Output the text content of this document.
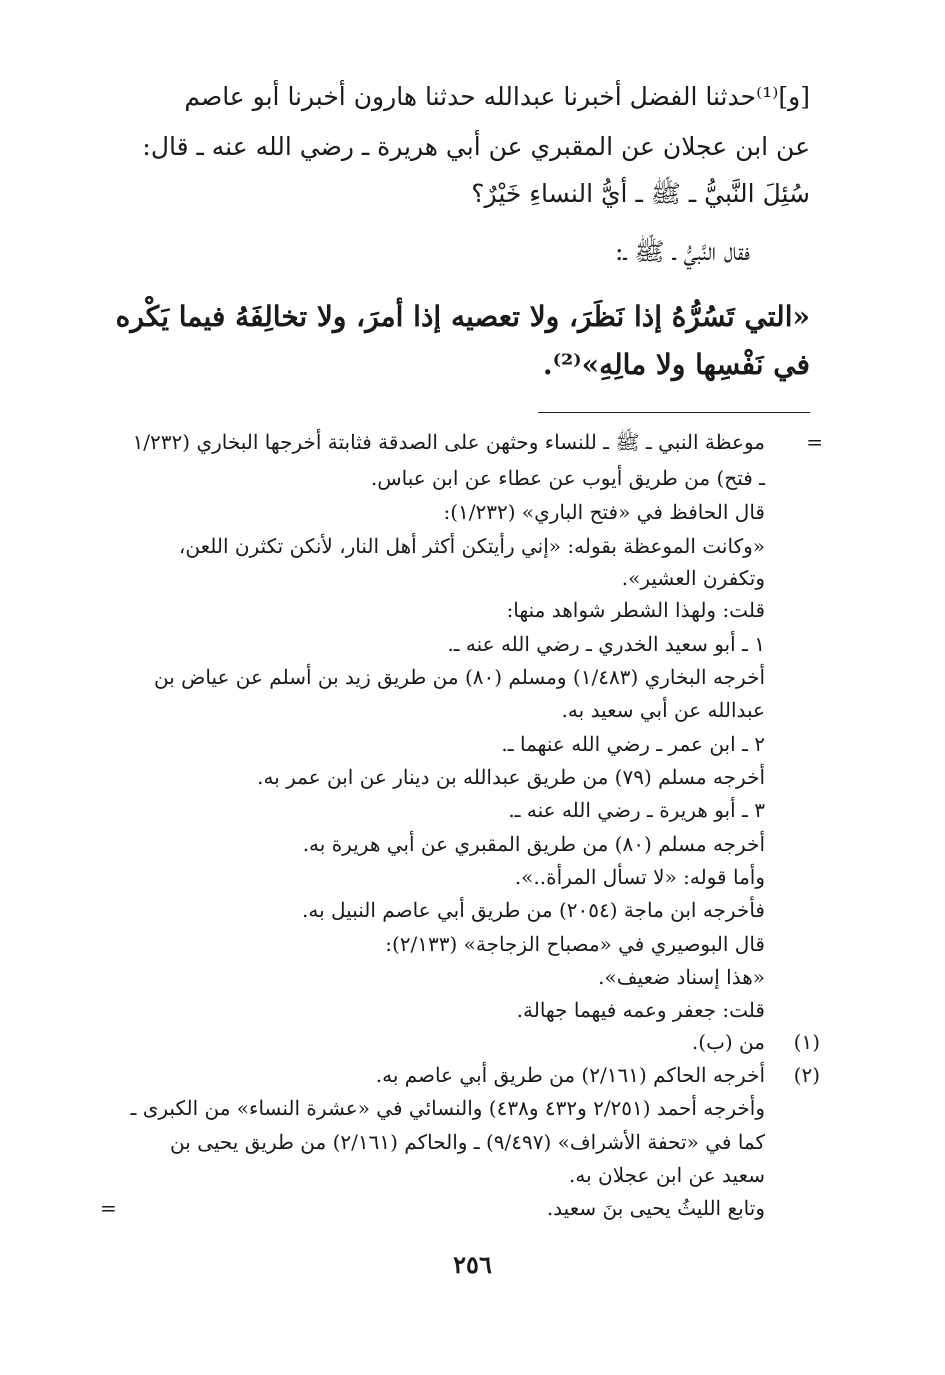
[و]⁽¹⁾حدثنا الفضل أخبرنا عبدالله حدثنا هارون أخبرنا أبو عاصم
عن ابن عجلان عن المقبري عن أبي هريرة ـ رضي الله عنه ـ قال:
سُئِلَ النَّبيُّ ـ ﷺ ـ أيُّ النساءِ خَيْرٌ؟
فقال النَّبيُّ ـ ﷺ ـ:
«التي تَسُرُّهُ إذا نَظَرَ، ولا تعصيه إذا أمرَ، ولا تخالِفَهُ فيما يَكْره
في نَفْسِها ولا مالِهِ»⁽²⁾.
=
موعظة النبي ـ ﷺ ـ للنساء وحثهن على الصدقة فثابتة أخرجها البخاري (١/٢٣٢
ـ فتح) من طريق أيوب عن عطاء عن ابن عباس.
قال الحافظ في «فتح الباري» (١/٢٣٢):
«وكانت الموعظة بقوله: «إني رأيتكن أكثر أهل النار، لأنكن تكثرن اللعن،
وتكفرن العشير».
قلت: ولهذا الشطر شواهد منها:
١ ـ أبو سعيد الخدري ـ رضي الله عنه ـ.
أخرجه البخاري (١/٤٨٣) ومسلم (٨٠) من طريق زيد بن أسلم عن عياض بن
عبدالله عن أبي سعيد به.
٢ ـ ابن عمر ـ رضي الله عنهما ـ.
أخرجه مسلم (٧٩) من طريق عبدالله بن دينار عن ابن عمر به.
٣ ـ أبو هريرة ـ رضي الله عنه ـ.
أخرجه مسلم (٨٠) من طريق المقبري عن أبي هريرة به.
وأما قوله: «لا تسأل المرأة..».
فأخرجه ابن ماجة (٢٠٥٤) من طريق أبي عاصم النبيل به.
قال البوصيري في «مصباح الزجاجة» (٢/١٣٣):
«هذا إسناد ضعيف».
قلت: جعفر وعمه فيهما جهالة.
(١)
من (ب).
(٢)
أخرجه الحاكم (٢/١٦١) من طريق أبي عاصم به.
وأخرجه أحمد (٢/٢٥١ و٤٣٢ و٤٣٨) والنسائي في «عشرة النساء» من الكبرى ـ
كما في «تحفة الأشراف» (٩/٤٩٧) ـ والحاكم (٢/١٦١) من طريق يحيى بن
سعيد عن ابن عجلان به.
وتابع الليثُ يحيى بنَ سعيد.
=
٢٥٦
